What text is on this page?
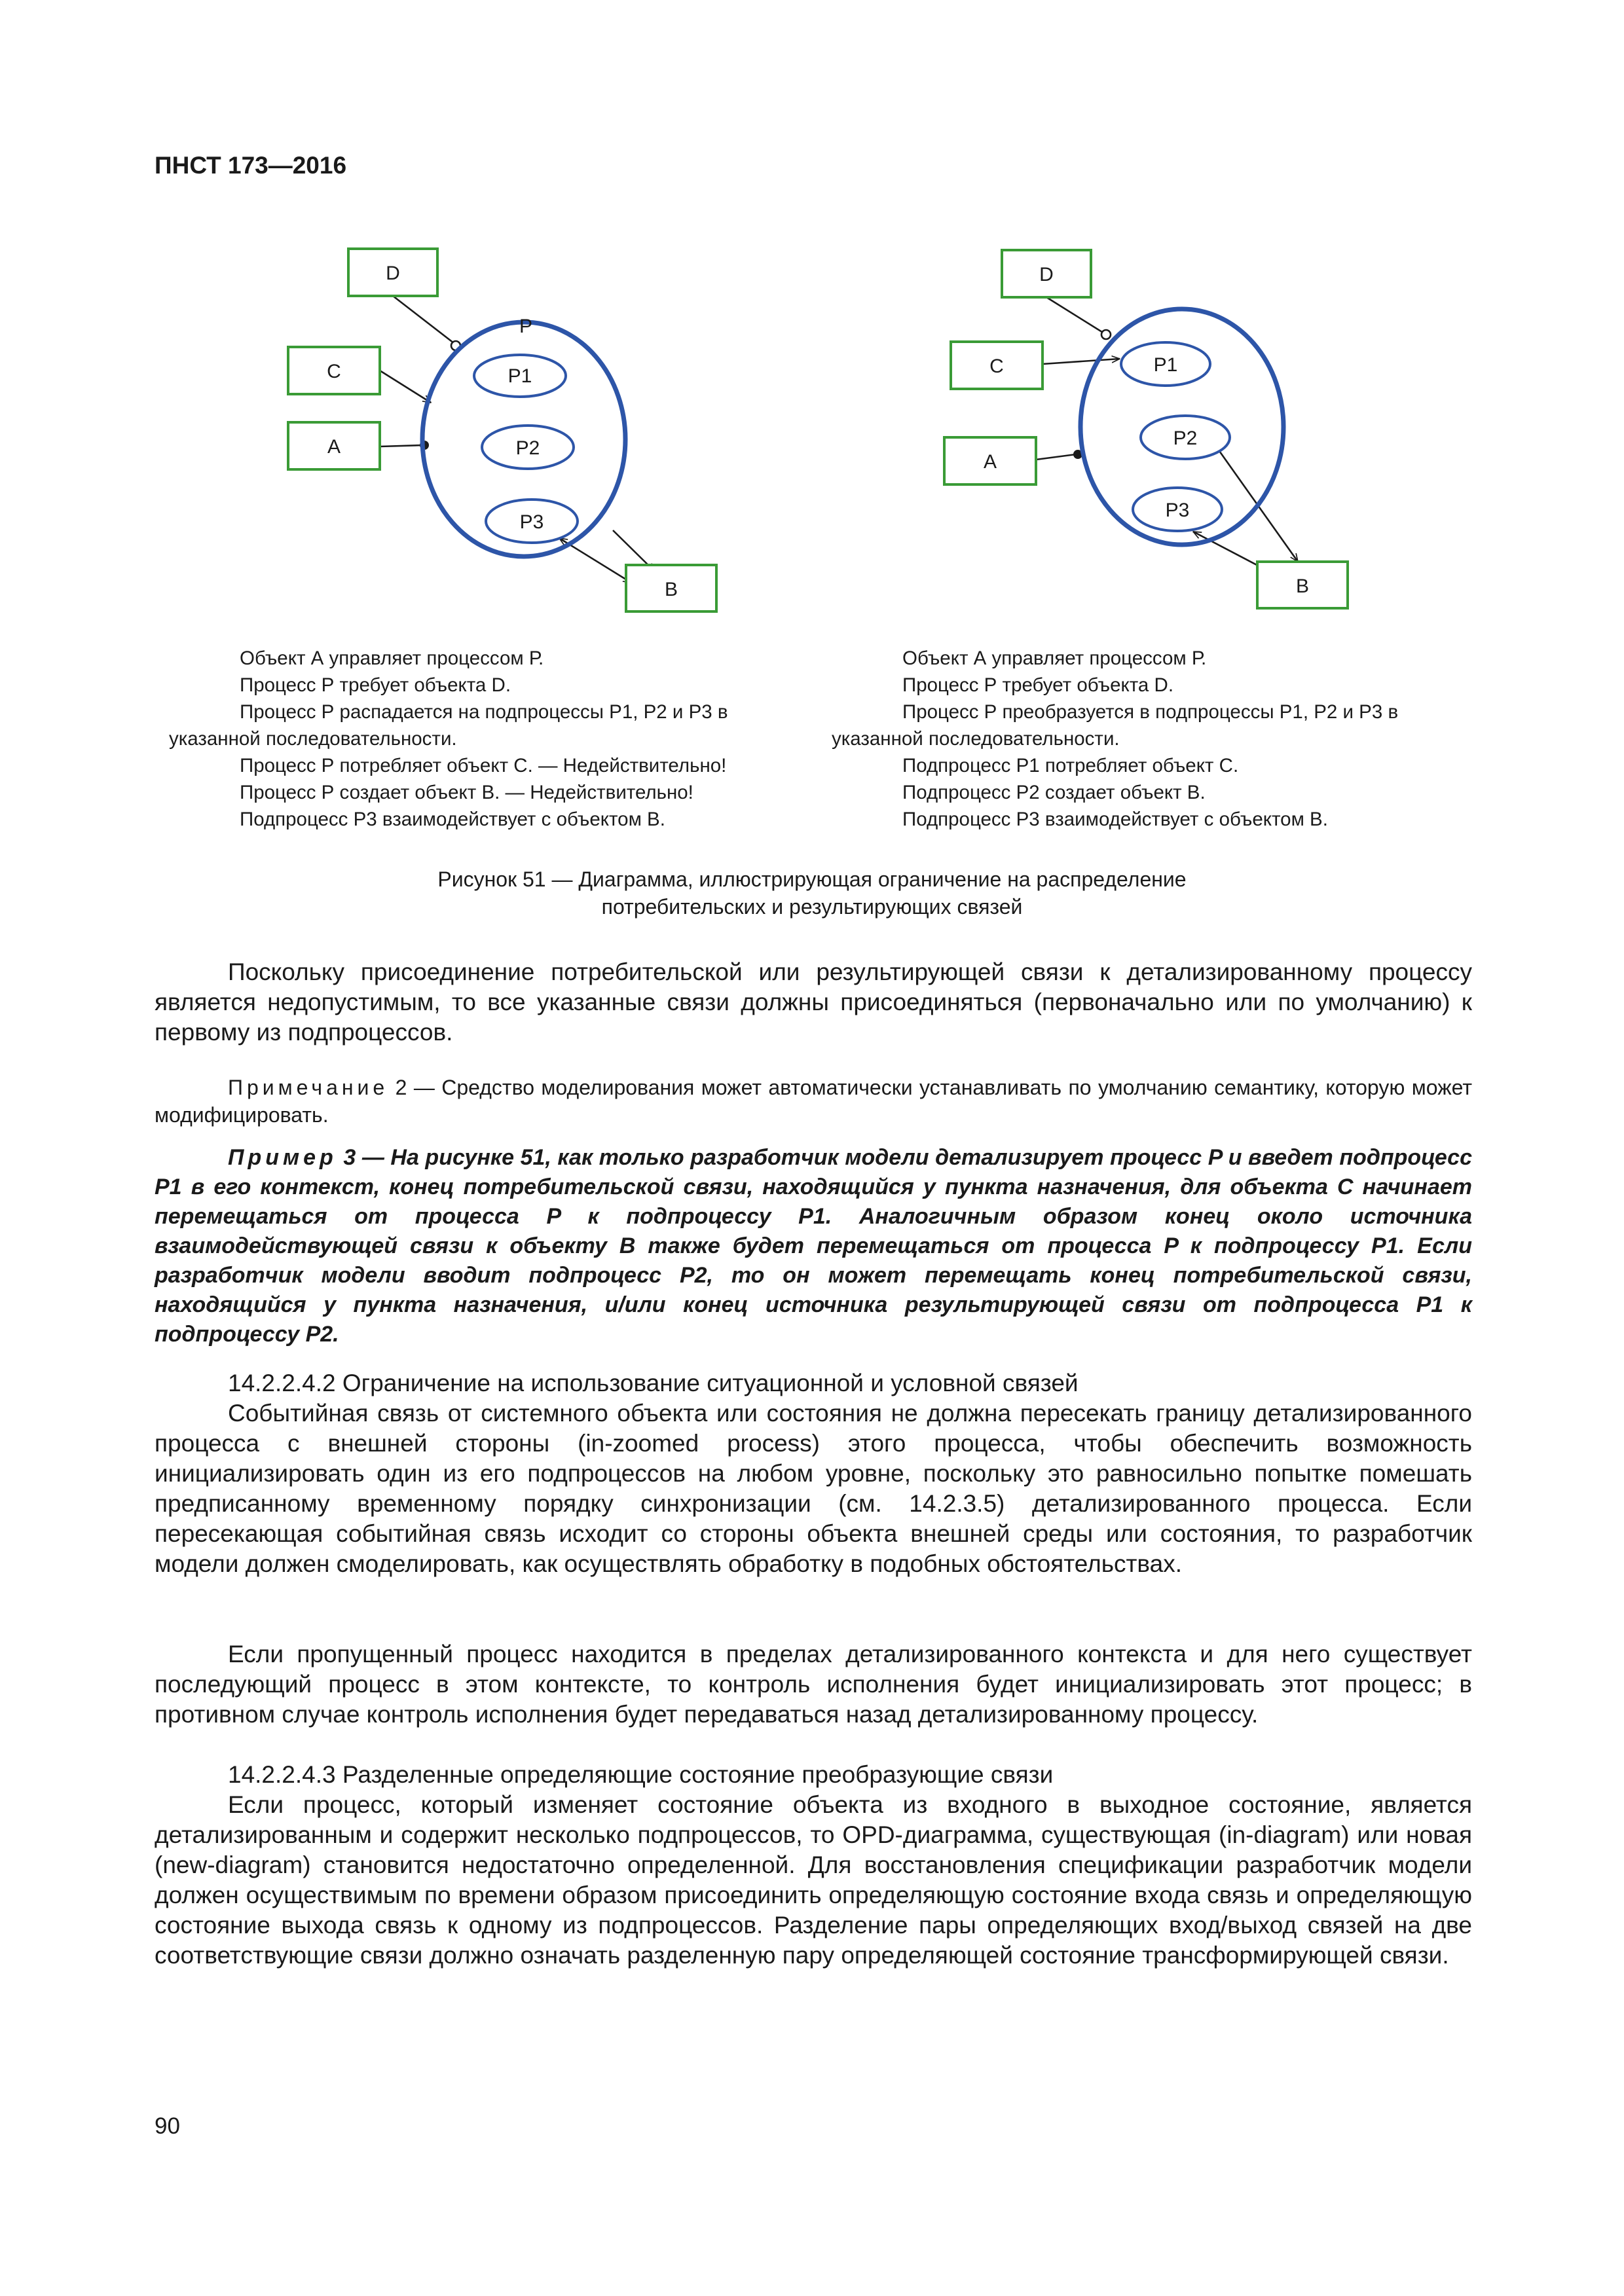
ПНСТ 173—2016
P
P1
P2
P3
D
C
A
B
P1
P2
P3
D
C
A
B
Объект А управляет процессом Р.
Процесс Р требует объекта D.
Процесс Р распадается на подпроцессы Р1, Р2 и Р3 в
указанной последовательности.
Процесс Р потребляет объект С. — Недействительно!
Процесс Р создает объект В. — Недействительно!
Подпроцесс Р3 взаимодействует с объектом В.
Объект А управляет процессом Р.
Процесс Р требует объекта D.
Процесс Р преобразуется в подпроцессы Р1, Р2 и Р3 в
указанной последовательности.
Подпроцесс Р1 потребляет объект С.
Подпроцесс Р2 создает объект В.
Подпроцесс Р3 взаимодействует с объектом В.
Рисунок 51 — Диаграмма, иллюстрирующая ограничение на распределение
потребительских и результирующих связей
Поскольку присоединение потребительской или результирующей связи к детализированному процессу является недопустимым, то все указанные связи должны присоединяться (первоначально или по умолчанию) к первому из подпроцессов.
Примечание 2 — Средство моделирования может автоматически устанавливать по умолчанию семантику, которую может модифицировать.
Пример 3 — На рисунке 51, как только разработчик модели детализирует процесс P и введет подпроцесс P1 в его контекст, конец потребительской связи, находящийся у пункта назначения, для объекта С начинает перемещаться от процесса P к подпроцессу P1. Аналогичным образом конец около источника взаимодействующей связи к объекту В также будет перемещаться от процесса P к подпроцессу P1. Если разработчик модели вводит подпроцесс P2, то он может перемещать конец потребительской связи, находящийся у пункта назначения, и/или конец источника результирующей связи от подпроцесса P1 к подпроцессу P2.
14.2.2.4.2 Ограничение на использование ситуационной и условной связей
Событийная связь от системного объекта или состояния не должна пересекать границу детализированного процесса с внешней стороны (in-zoomed process) этого процесса, чтобы обеспечить возможность инициализировать один из его подпроцессов на любом уровне, поскольку это равносильно попытке помешать предписанному временному порядку синхронизации (см. 14.2.3.5) детализированного процесса. Если пересекающая событийная связь исходит со стороны объекта внешней среды или состояния, то разработчик модели должен смоделировать, как осуществлять обработку в подобных обстоятельствах.
Если пропущенный процесс находится в пределах детализированного контекста и для него существует последующий процесс в этом контексте, то контроль исполнения будет инициализировать этот процесс; в противном случае контроль исполнения будет передаваться назад детализированному процессу.
14.2.2.4.3 Разделенные определяющие состояние преобразующие связи
Если процесс, который изменяет состояние объекта из входного в выходное состояние, является детализированным и содержит несколько подпроцессов, то OPD-диаграмма, существующая (in-diagram) или новая (new-diagram) становится недостаточно определенной. Для восстановления спецификации разработчик модели должен осуществимым по времени образом присоединить определяющую состояние входа связь и определяющую состояние выхода связь к одному из подпроцессов. Разделение пары определяющих вход/выход связей на две соответствующие связи должно означать разделенную пару определяющей состояние трансформирующей связи.
90
